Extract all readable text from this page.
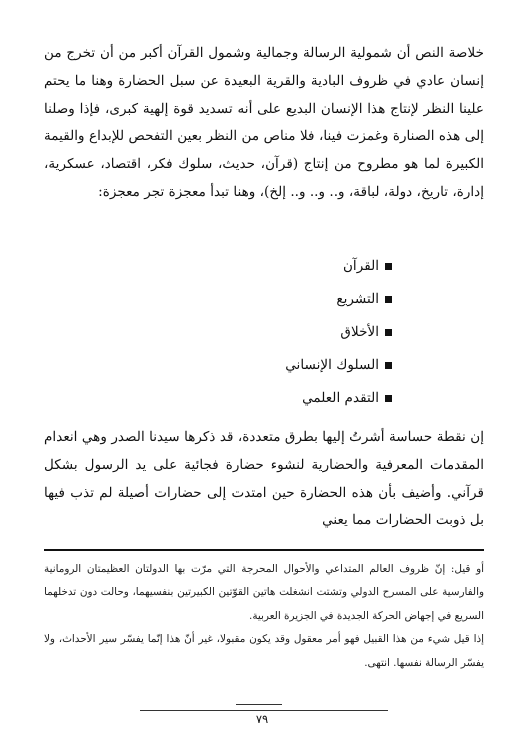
خلاصة النص أن شمولية الرسالة وجمالية وشمول القرآن أكبر من أن تخرج من إنسان عادي في ظروف البادية والقرية البعيدة عن سبل الحضارة وهنا ما يحتم علينا النظر لإنتاج هذا الإنسان البديع على أنه تسديد قوة إلهية كبرى، فإذا وصلنا إلى هذه الصنارة وغمزت فينا، فلا مناص من النظر بعين التفحص للإبداع والقيمة الكبيرة لما هو مطروح من إنتاج (قرآن، حديث، سلوك فكر، اقتصاد، عسكرية، إدارة، تاريخ، دولة، لباقة، و.. و.. و.. إلخ)، وهنا تبدأ معجزة تجر معجزة:

القرآن
التشريع
الأخلاق
السلوك الإنساني
التقدم العلمي

إن نقطة حساسة أشرتُ إليها بطرق متعددة، قد ذكرها سيدنا الصدر وهي انعدام المقدمات المعرفية والحضارية لنشوء حضارة فجائية على يد الرسول بشكل قرآني. وأضيف بأن هذه الحضارة حين امتدت إلى حضارات أصيلة لم تذب فيها بل ذوبت الحضارات مما يعني

أو قيل: إنّ ظروف العالم المتداعي والأحوال المحرجة التي مرّت بها الدولتان العظيمتان الرومانية والفارسية على المسرح الدولي وتشتت انشغلت هاتين القوّتين الكبيرتين بنفسيهما، وحالت دون تدخلهما السريع في إجهاض الحركة الجديدة في الجزيرة العربية.

إذا قيل شيء من هذا القبيل فهو أمر معقول وقد يكون مقبولا، غير أنّ هذا إنّما يفسّر سير الأحداث، ولا يفسّر الرسالة نفسها. انتهى.

٧٩
